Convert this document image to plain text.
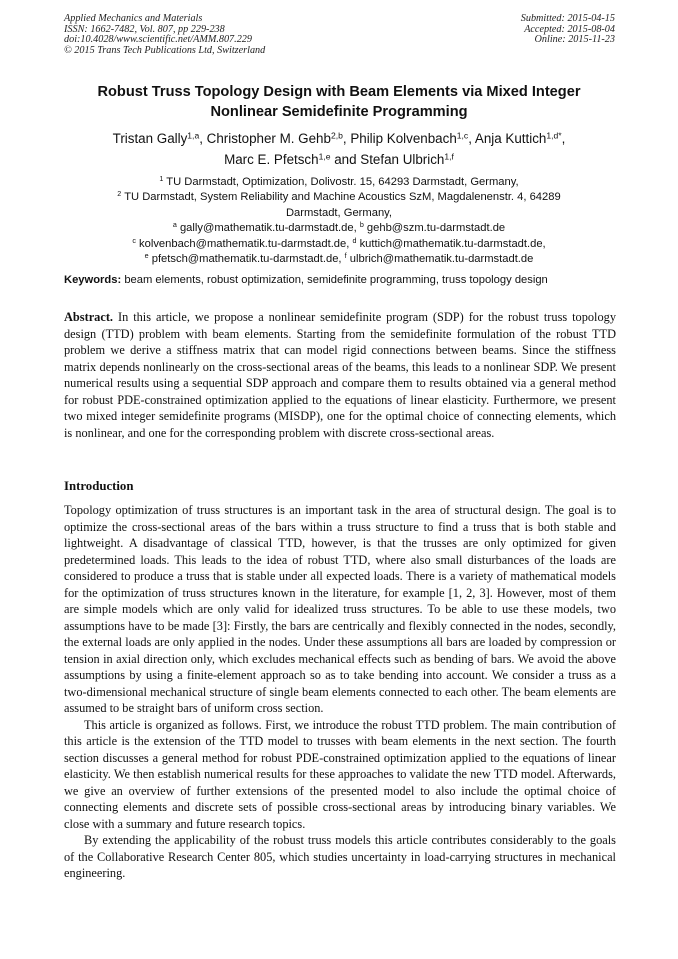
Applied Mechanics and Materials
ISSN: 1662-7482, Vol. 807, pp 229-238
doi:10.4028/www.scientific.net/AMM.807.229
© 2015 Trans Tech Publications Ltd, Switzerland
Submitted: 2015-04-15
Accepted: 2015-08-04
Online: 2015-11-23
Robust Truss Topology Design with Beam Elements via Mixed Integer
Nonlinear Semidefinite Programming
Tristan Gally$^{1,a}$, Christopher M. Gehb$^{2,b}$, Philip Kolvenbach$^{1,c}$, Anja Kuttich$^{1,d*}$,
Marc E. Pfetsch$^{1,e}$ and Stefan Ulbrich$^{1,f}$
$^1$ TU Darmstadt, Optimization, Dolivostr. 15, 64293 Darmstadt, Germany,
$^2$ TU Darmstadt, System Reliability and Machine Acoustics SzM, Magdalenenstr. 4, 64289
Darmstadt, Germany,
$^a$ gally@mathematik.tu-darmstadt.de, $^b$ gehb@szm.tu-darmstadt.de
$^c$ kolvenbach@mathematik.tu-darmstadt.de, $^d$ kuttich@mathematik.tu-darmstadt.de,
$^e$ pfetsch@mathematik.tu-darmstadt.de, $^f$ ulbrich@mathematik.tu-darmstadt.de
Keywords: beam elements, robust optimization, semidefinite programming, truss topology design

Abstract. In this article, we propose a nonlinear semidefinite program (SDP) for the robust truss topology design (TTD) problem with beam elements. Starting from the semidefinite formulation of the robust TTD problem we derive a stiffness matrix that can model rigid connections between beams. Since the stiffness matrix depends nonlinearly on the cross-sectional areas of the beams, this leads to a nonlinear SDP. We present numerical results using a sequential SDP approach and compare them to results obtained via a general method for robust PDE-constrained optimization applied to the equations of linear elasticity. Furthermore, we present two mixed integer semidefinite programs (MISDP), one for the optimal choice of connecting elements, which is nonlinear, and one for the corresponding problem with discrete cross-sectional areas.

Introduction

Topology optimization of truss structures is an important task in the area of structural design. The goal is to optimize the cross-sectional areas of the bars within a truss structure to find a truss that is both stable and lightweight. A disadvantage of classical TTD, however, is that the trusses are only optimized for given predetermined loads. This leads to the idea of robust TTD, where also small disturbances of the loads are considered to produce a truss that is stable under all expected loads. There is a variety of mathematical models for the optimization of truss structures known in the literature, for example [1, 2, 3]. However, most of them are simple models which are only valid for idealized truss structures. To be able to use these models, two assumptions have to be made [3]: Firstly, the bars are centrically and flexibly connected in the nodes, secondly, the external loads are only applied in the nodes. Under these assumptions all bars are loaded by compression or tension in axial direction only, which excludes mechanical effects such as bending of bars. We avoid the above assumptions by using a finite-element approach so as to take bending into account. We consider a truss as a two-dimensional mechanical structure of single beam elements connected to each other. The beam elements are assumed to be straight bars of uniform cross section.

This article is organized as follows. First, we introduce the robust TTD problem. The main contribution of this article is the extension of the TTD model to trusses with beam elements in the next section. The fourth section discusses a general method for robust PDE-constrained optimization applied to the equations of linear elasticity. We then establish numerical results for these approaches to validate the new TTD model. Afterwards, we give an overview of further extensions of the presented model to also include the optimal choice of connecting elements and discrete sets of possible cross-sectional areas by introducing binary variables. We close with a summary and future research topics.

By extending the applicability of the robust truss models this article contributes considerably to the goals of the Collaborative Research Center 805, which studies uncertainty in load-carrying structures in mechanical engineering.
